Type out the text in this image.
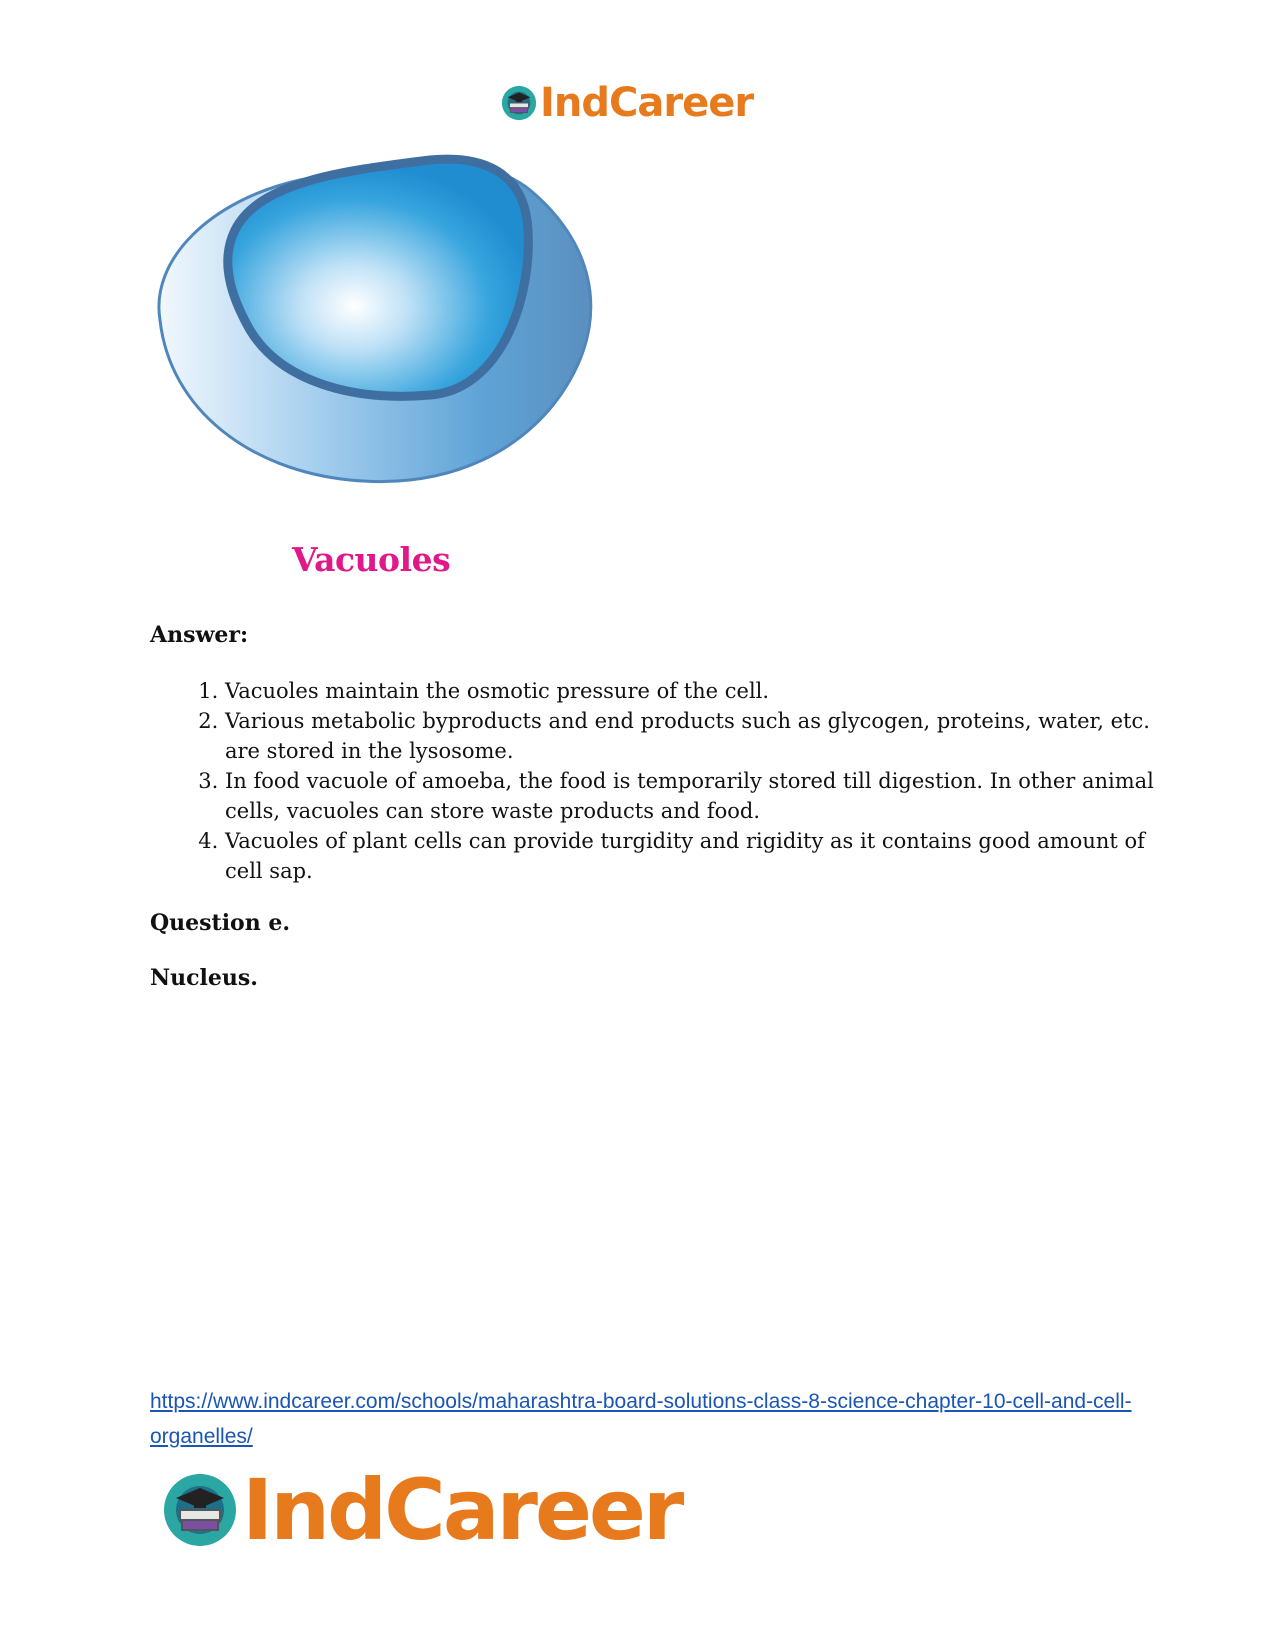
IndCareer
Vacuoles
Answer:
1. Vacuoles maintain the osmotic pressure of the cell.
2. Various metabolic byproducts and end products such as glycogen, proteins, water, etc. are stored in the lysosome.
3. In food vacuole of amoeba, the food is temporarily stored till digestion. In other animal cells, vacuoles can store waste products and food.
4. Vacuoles of plant cells can provide turgidity and rigidity as it contains good amount of cell sap.
Question e.
Nucleus.
https://www.indcareer.com/schools/maharashtra-board-solutions-class-8-science-chapter-10-cell-and-cell-organelles/
IndCareer
